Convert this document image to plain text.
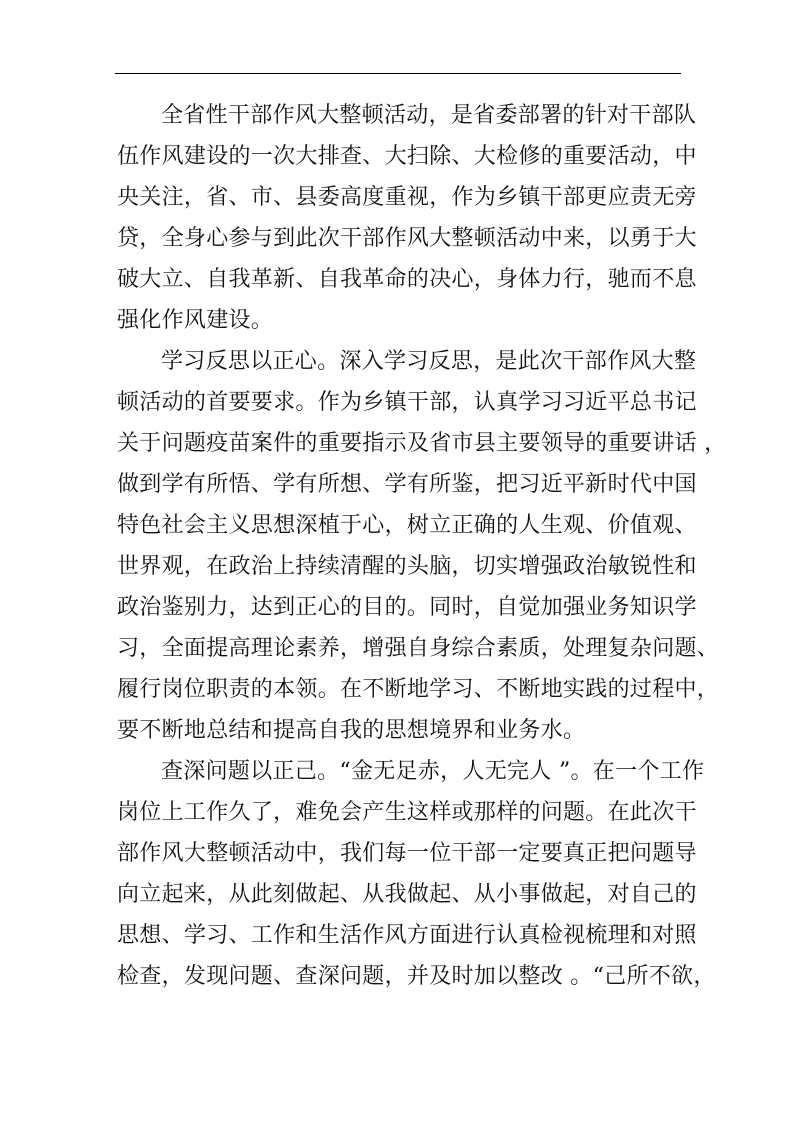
全省性干部作风大整顿活动，是省委部署的针对干部队
伍作风建设的一次大排查、大扫除、大检修的重要活动，中
央关注，省、市、县委高度重视，作为乡镇干部更应责无旁
贷，全身心参与到此次干部作风大整顿活动中来，以勇于大
破大立、自我革新、自我革命的决心，身体力行，驰而不息
强化作风建设。
学习反思以正心。深入学习反思，是此次干部作风大整
顿活动的首要要求。作为乡镇干部，认真学习习近平总书记
关于问题疫苗案件的重要指示及省市县主要领导的重要讲话 ，
做到学有所悟、学有所想、学有所鉴，把习近平新时代中国
特色社会主义思想深植于心，树立正确的人生观、价值观、
世界观，在政治上持续清醒的头脑，切实增强政治敏锐性和
政治鉴别力，达到正心的目的。同时，自觉加强业务知识学
习，全面提高理论素养，增强自身综合素质，处理复杂问题、
履行岗位职责的本领。在不断地学习、不断地实践的过程中，
要不断地总结和提高自我的思想境界和业务水。
查深问题以正己。“金无足赤，人无完人 ”。在一个工作
岗位上工作久了，难免会产生这样或那样的问题。在此次干
部作风大整顿活动中，我们每一位干部一定要真正把问题导
向立起来，从此刻做起、从我做起、从小事做起，对自己的
思想、学习、工作和生活作风方面进行认真检视梳理和对照
检查，发现问题、查深问题，并及时加以整改 。“己所不欲，
